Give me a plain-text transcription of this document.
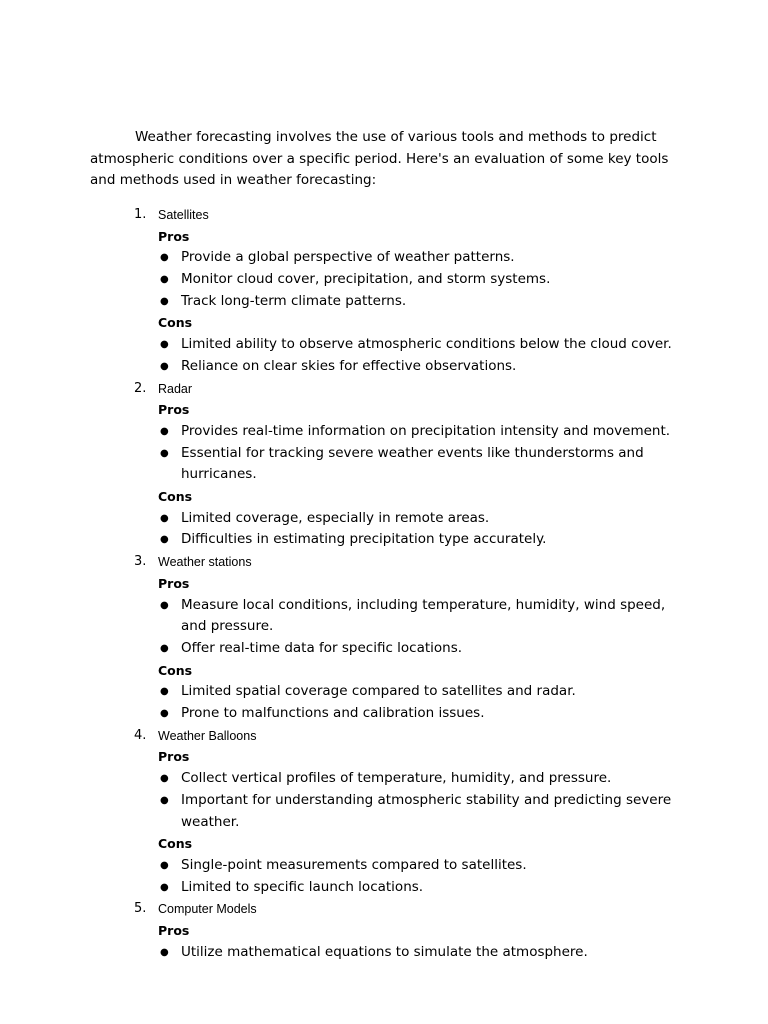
Weather forecasting involves the use of various tools and methods to predict atmospheric conditions over a specific period. Here's an evaluation of some key tools and methods used in weather forecasting:

1. Satellites
Pros
● Provide a global perspective of weather patterns.
● Monitor cloud cover, precipitation, and storm systems.
● Track long-term climate patterns.
Cons
● Limited ability to observe atmospheric conditions below the cloud cover.
● Reliance on clear skies for effective observations.
2. Radar
Pros
● Provides real-time information on precipitation intensity and movement.
● Essential for tracking severe weather events like thunderstorms and hurricanes.
Cons
● Limited coverage, especially in remote areas.
● Difficulties in estimating precipitation type accurately.
3. Weather stations
Pros
● Measure local conditions, including temperature, humidity, wind speed, and pressure.
● Offer real-time data for specific locations.
Cons
● Limited spatial coverage compared to satellites and radar.
● Prone to malfunctions and calibration issues.
4. Weather Balloons
Pros
● Collect vertical profiles of temperature, humidity, and pressure.
● Important for understanding atmospheric stability and predicting severe weather.
Cons
● Single-point measurements compared to satellites.
● Limited to specific launch locations.
5. Computer Models
Pros
● Utilize mathematical equations to simulate the atmosphere.
